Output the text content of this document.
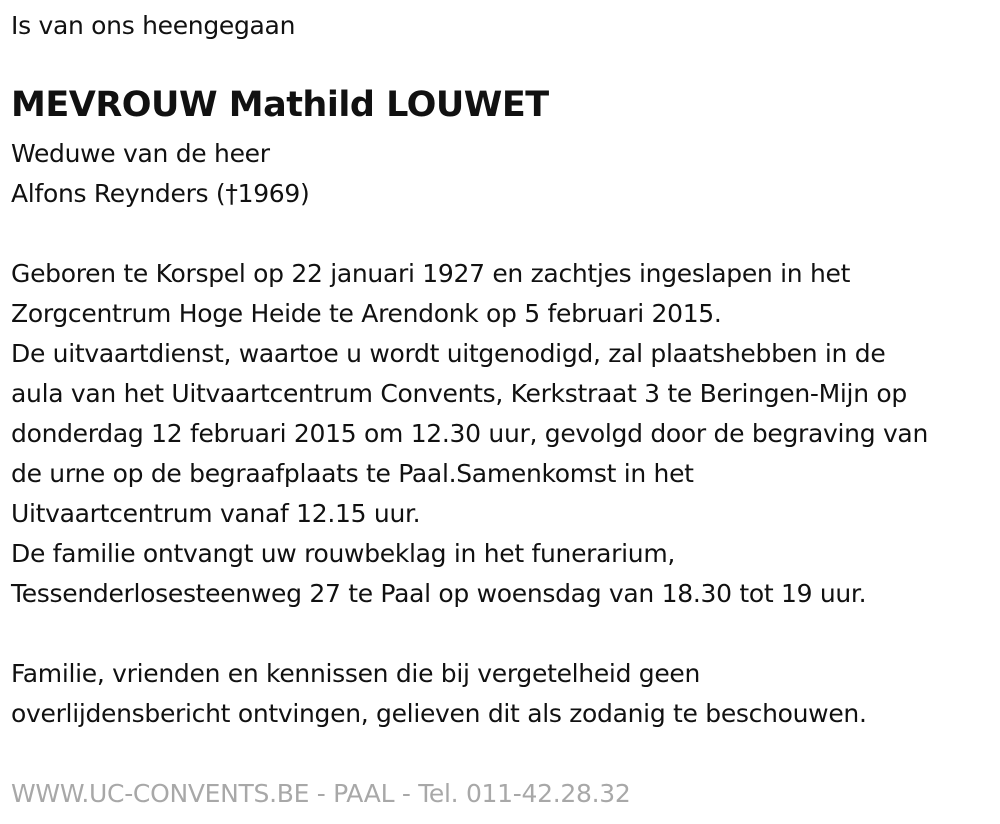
Is van ons heengegaan
MEVROUW Mathild LOUWET
Weduwe van de heer
Alfons Reynders (†1969)
Geboren te Korspel op 22 januari 1927 en zachtjes ingeslapen in het
Zorgcentrum Hoge Heide te Arendonk op 5 februari 2015.
De uitvaartdienst, waartoe u wordt uitgenodigd, zal plaatshebben in de
aula van het Uitvaartcentrum Convents, Kerkstraat 3 te Beringen-Mijn op
donderdag 12 februari 2015 om 12.30 uur, gevolgd door de begraving van
de urne op de begraafplaats te Paal.Samenkomst in het
Uitvaartcentrum vanaf 12.15 uur.
De familie ontvangt uw rouwbeklag in het funerarium,
Tessenderlosesteenweg 27 te Paal op woensdag van 18.30 tot 19 uur.
Familie, vrienden en kennissen die bij vergetelheid geen
overlijdensbericht ontvingen, gelieven dit als zodanig te beschouwen.
WWW.UC-CONVENTS.BE - PAAL - Tel. 011-42.28.32
